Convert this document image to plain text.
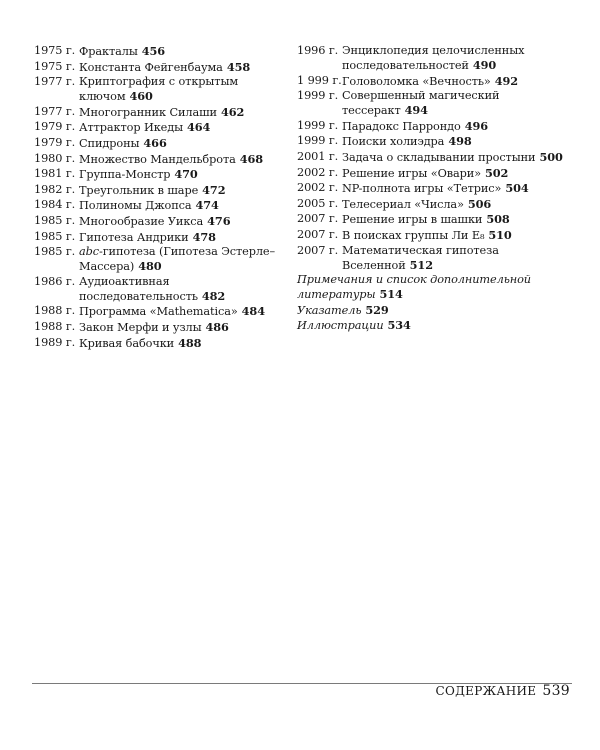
1975 г. Фракталы 456
1975 г. Константа Фейгенбаума 458
1977 г. Криптография с открытым ключом 460
1977 г. Многогранник Силаши 462
1979 г. Аттрактор Икеды 464
1979 г. Спидроны 466
1980 г. Множество Мандельброта 468
1981 г. Группа-Монстр 470
1982 г. Треугольник в шаре 472
1984 г. Полиномы Джопса 474
1985 г. Многообразие Уикса 476
1985 г. Гипотеза Андрики 478
1985 г. abc-гипотеза (Гипотеза Эстерле–Массера) 480
1986 г. Аудиоактивная последовательность 482
1988 г. Программа «Mathematica» 484
1988 г. Закон Мерфи и узлы 486
1989 г. Кривая бабочки 488
1996 г. Энциклопедия целочисленных последовательностей 490
1 999 г. Головоломка «Вечность» 492
1999 г. Совершенный магический тессеракт 494
1999 г. Парадокс Паррондо 496
1999 г. Поиски холиэдра 498
2001 г. Задача о складывании простыни 500
2002 г. Решение игры «Овари» 502
2002 г. NP-полнота игры «Тетрис» 504
2005 г. Телесериал «Числа» 506
2007 г. Решение игры в шашки 508
2007 г. В поисках группы Ли E₈ 510
2007 г. Математическая гипотеза Вселенной 512
Примечания и список дополнительной литературы 514
Указатель 529
Иллюстрации 534
СОДЕРЖАНИЕ 539
